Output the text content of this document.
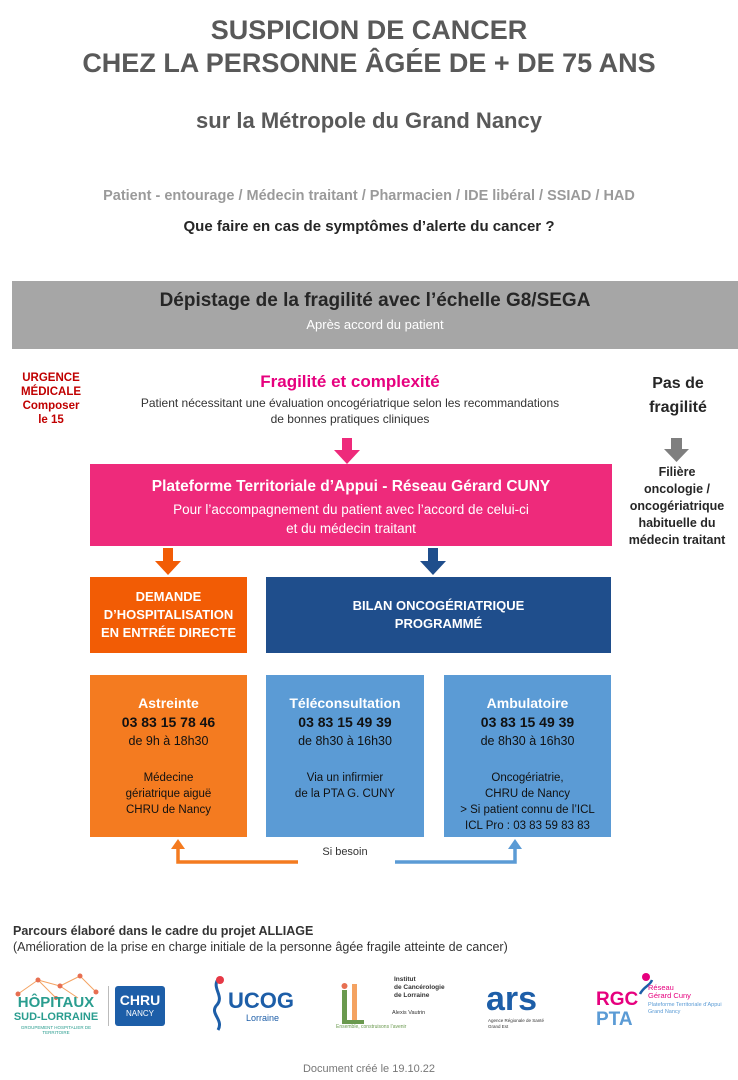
SUSPICION DE CANCER
CHEZ LA PERSONNE ÂGÉE DE + DE 75 ANS
sur la Métropole du Grand Nancy
Patient - entourage / Médecin traitant / Pharmacien / IDE libéral / SSIAD / HAD
Que faire en cas de symptômes d’alerte du cancer ?
Dépistage de la fragilité avec l’échelle G8/SEGA
Après accord du patient
URGENCE
MÉDICALE
Composer
le 15
Fragilité et complexité
Patient nécessitant une évaluation oncogériatrique selon les recommandations
de bonnes pratiques cliniques
Pas de
fragilité
Filière
oncologie /
oncogériatrique
habituelle du
médecin traitant
Plateforme Territoriale d’Appui - Réseau Gérard CUNY
Pour l’accompagnement du patient avec l’accord de celui-ci
et du médecin traitant
DEMANDE
D’HOSPITALISATION
EN ENTRÉE DIRECTE
BILAN ONCOGÉRIATRIQUE
PROGRAMMÉ
Astreinte
03 83 15 78 46
de 9h à 18h30
Médecine
gériatrique aiguë
CHRU de Nancy
Téléconsultation
03 83 15 49 39
de 8h30 à 16h30
Via un infirmier
de la PTA G. CUNY
Ambulatoire
03 83 15 49 39
de 8h30 à 16h30
Oncogériatrie,
CHRU de Nancy
> Si patient connu de l’ICL
ICL Pro : 03 83 59 83 83
Si besoin
Parcours élaboré dans le cadre du projet ALLIAGE
(Amélioration de la prise en charge initiale de la personne âgée fragile atteinte de cancer)
HÔPITAUX
SUD-LORRAINE
GROUPEMENT HOSPITALIER DE TERRITOIRE
CHRU
NANCY
UCOG
Lorraine
Institut
de Cancérologie
de Lorraine
Alexis Vautrin
Ensemble, construisons l’avenir
ars
Agence Régionale de Santé
Grand Est
RGC
PTA
Réseau
Gérard Cuny
Plateforme Territoriale d’Appui
Grand Nancy
Document créé le 19.10.22
